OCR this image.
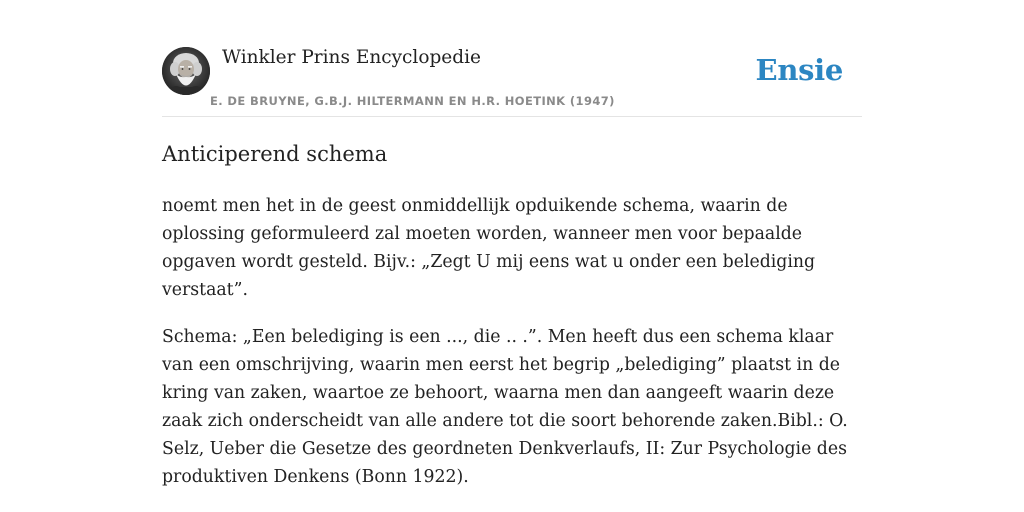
Winkler Prins Encyclopedie
E. DE BRUYNE, G.B.J. HILTERMANN EN H.R. HOETINK (1947)
Ensie
Anticiperend schema

noemt men het in de geest onmiddellijk opduikende schema, waarin de oplossing geformuleerd zal moeten worden, wanneer men voor bepaalde opgaven wordt gesteld. Bijv.: „Zegt U mij eens wat u onder een belediging verstaat”.

Schema: „Een belediging is een ..., die .. .”. Men heeft dus een schema klaar van een omschrijving, waarin men eerst het begrip „belediging” plaatst in de kring van zaken, waartoe ze behoort, waarna men dan aangeeft waarin deze zaak zich onderscheidt van alle andere tot die soort behorende zaken.Bibl.: O. Selz, Ueber die Gesetze des geordneten Denkverlaufs, II: Zur Psychologie des produktiven Denkens (Bonn 1922).
